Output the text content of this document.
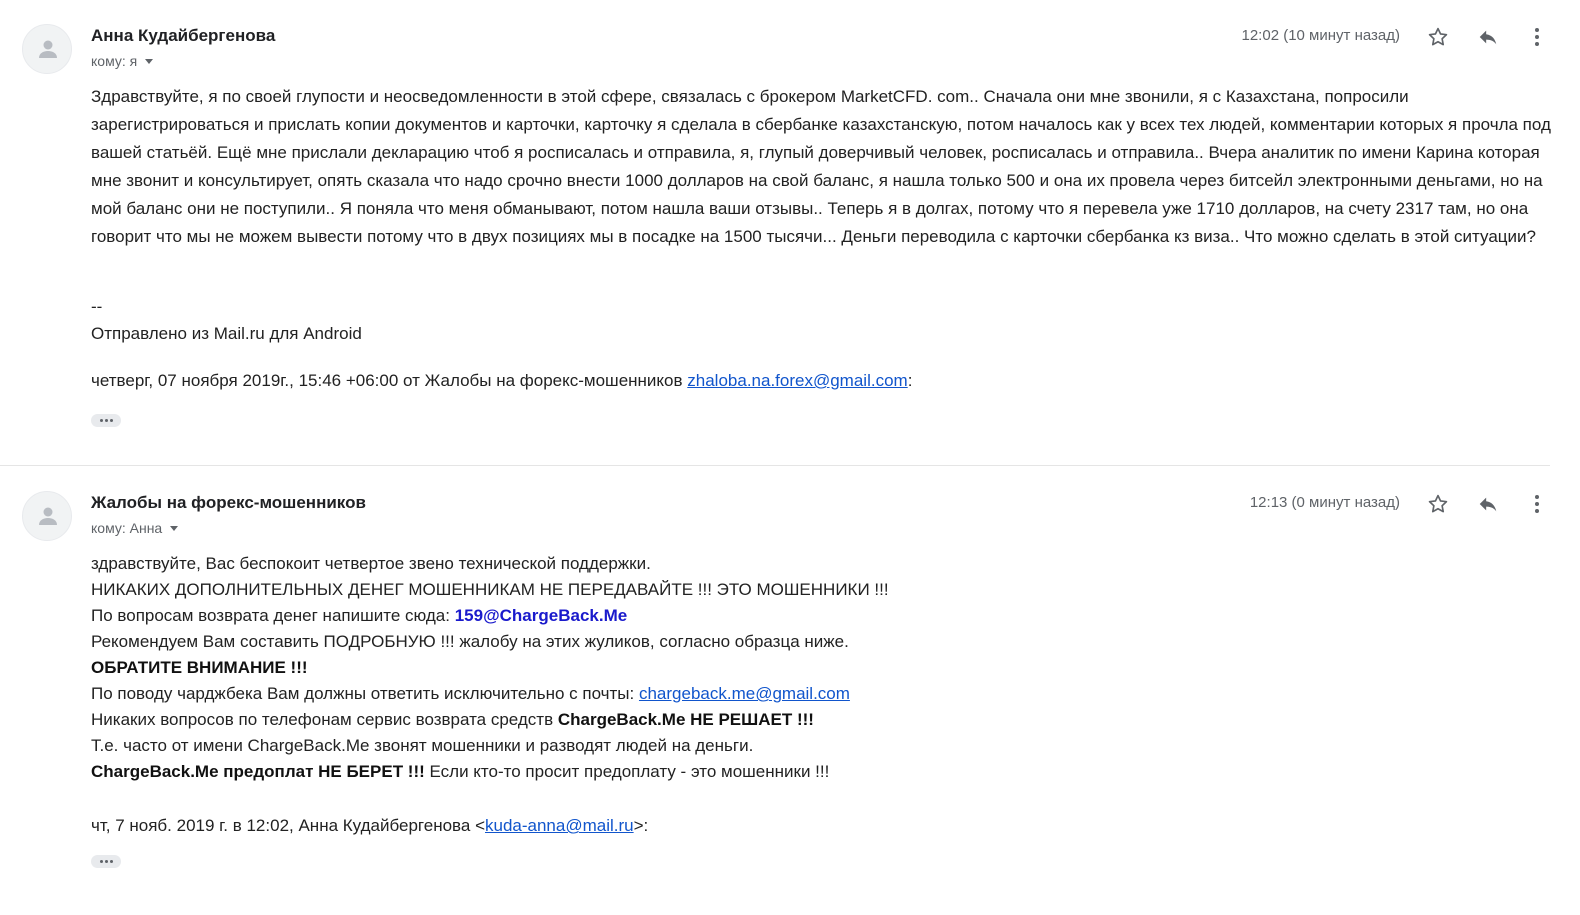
Анна Кудайбергенова
кому: я
12:02 (10 минут назад)

Здравствуйте, я по своей глупости и неосведомленности в этой сфере, связалась с брокером MarketCFD. com.. Сначала они мне звонили, я с Казахстана, попросили зарегистрироваться и прислать копии документов и карточки, карточку я сделала в сбербанке казахстанскую, потом началось как у всех тех людей, комментарии которых я прочла под вашей статьёй. Ещё мне прислали декларацию чтоб я росписалась и отправила, я, глупый доверчивый человек, росписалась и отправила.. Вчера аналитик по имени Карина которая мне звонит и консультирует, опять сказала что надо срочно внести 1000 долларов на свой баланс, я нашла только 500 и она их провела через битсейл электронными деньгами, но на мой баланс они не поступили.. Я поняла что меня обманывают, потом нашла ваши отзывы.. Теперь я в долгах, потому что я перевела уже 1710 долларов, на счету 2317 там, но она говорит что мы не можем вывести потому что в двух позициях мы в посадке на 1500 тысячи... Деньги переводила с карточки сбербанка кз виза.. Что можно сделать в этой ситуации?

--
Отправлено из Mail.ru для Android
четверг, 07 ноября 2019г., 15:46 +06:00 от Жалобы на форекс-мошенников zhaloba.na.forex@gmail.com:
Жалобы на форекс-мошенников
кому: Анна
12:13 (0 минут назад)
здравствуйте, Вас беспокоит четвертое звено технической поддержки.
НИКАКИХ ДОПОЛНИТЕЛЬНЫХ ДЕНЕГ МОШЕННИКАМ НЕ ПЕРЕДАВАЙТЕ !!! ЭТО МОШЕННИКИ !!!
По вопросам возврата денег напишите сюда: 159@ChargeBack.Me
Рекомендуем Вам составить ПОДРОБНУЮ !!! жалобу на этих жуликов, согласно образца ниже.
ОБРАТИТЕ ВНИМАНИЕ !!!
По поводу чарджбека Вам должны ответить исключительно с почты: chargeback.me@gmail.com
Никаких вопросов по телефонам сервис возврата средств ChargeBack.Me НЕ РЕШАЕТ !!!
Т.е. часто от имени ChargeBack.Me звонят мошенники и разводят людей на деньги.
ChargeBack.Me предоплат НЕ БЕРЕТ !!! Если кто-то просит предоплату - это мошенники !!!
чт, 7 нояб. 2019 г. в 12:02, Анна Кудайбергенова <kuda-anna@mail.ru>:
